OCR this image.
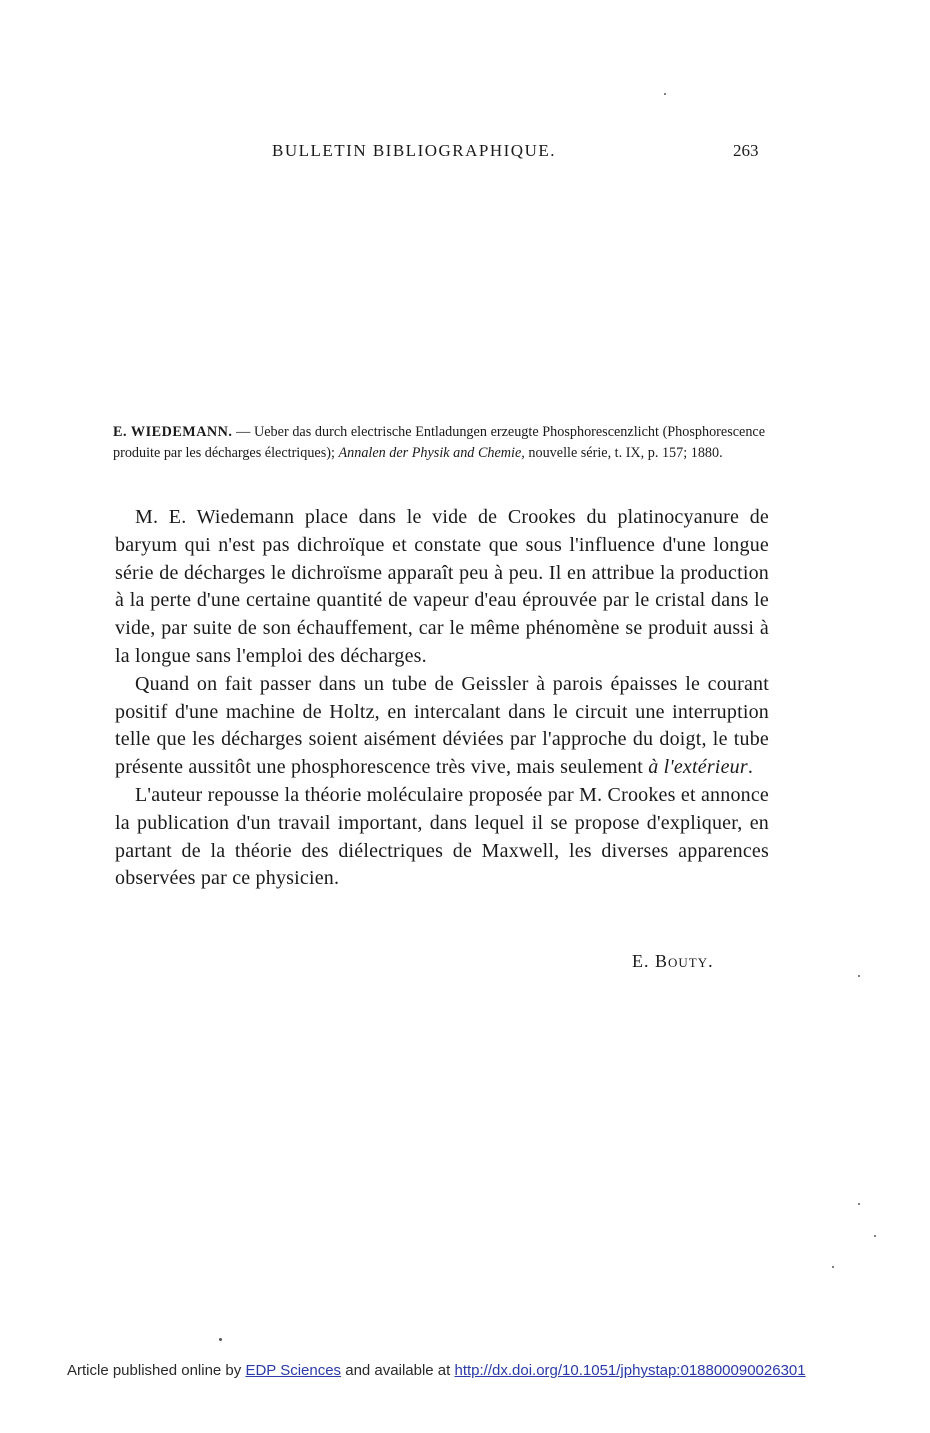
BULLETIN BIBLIOGRAPHIQUE.	263
E. WIEDEMANN. — Ueber das durch electrische Entladungen erzeugte Phosphorescenzlicht (Phosphorescence produite par les décharges électriques); Annalen der Physik and Chemie, nouvelle série, t. IX, p. 157; 1880.

M. E. Wiedemann place dans le vide de Crookes du platinocyanure de baryum qui n'est pas dichroïque et constate que sous l'influence d'une longue série de décharges le dichroïsme apparaît peu à peu. Il en attribue la production à la perte d'une certaine quantité de vapeur d'eau éprouvée par le cristal dans le vide, par suite de son échauffement, car le même phénomène se produit aussi à la longue sans l'emploi des décharges.

Quand on fait passer dans un tube de Geissler à parois épaisses le courant positif d'une machine de Holtz, en intercalant dans le circuit une interruption telle que les décharges soient aisément déviées par l'approche du doigt, le tube présente aussitôt une phosphorescence très vive, mais seulement à l'extérieur.

L'auteur repousse la théorie moléculaire proposée par M. Crookes et annonce la publication d'un travail important, dans lequel il se propose d'expliquer, en partant de la théorie des diélectriques de Maxwell, les diverses apparences observées par ce physicien.

E. Bouty.
Article published online by EDP Sciences and available at http://dx.doi.org/10.1051/jphystap:018800090026301
